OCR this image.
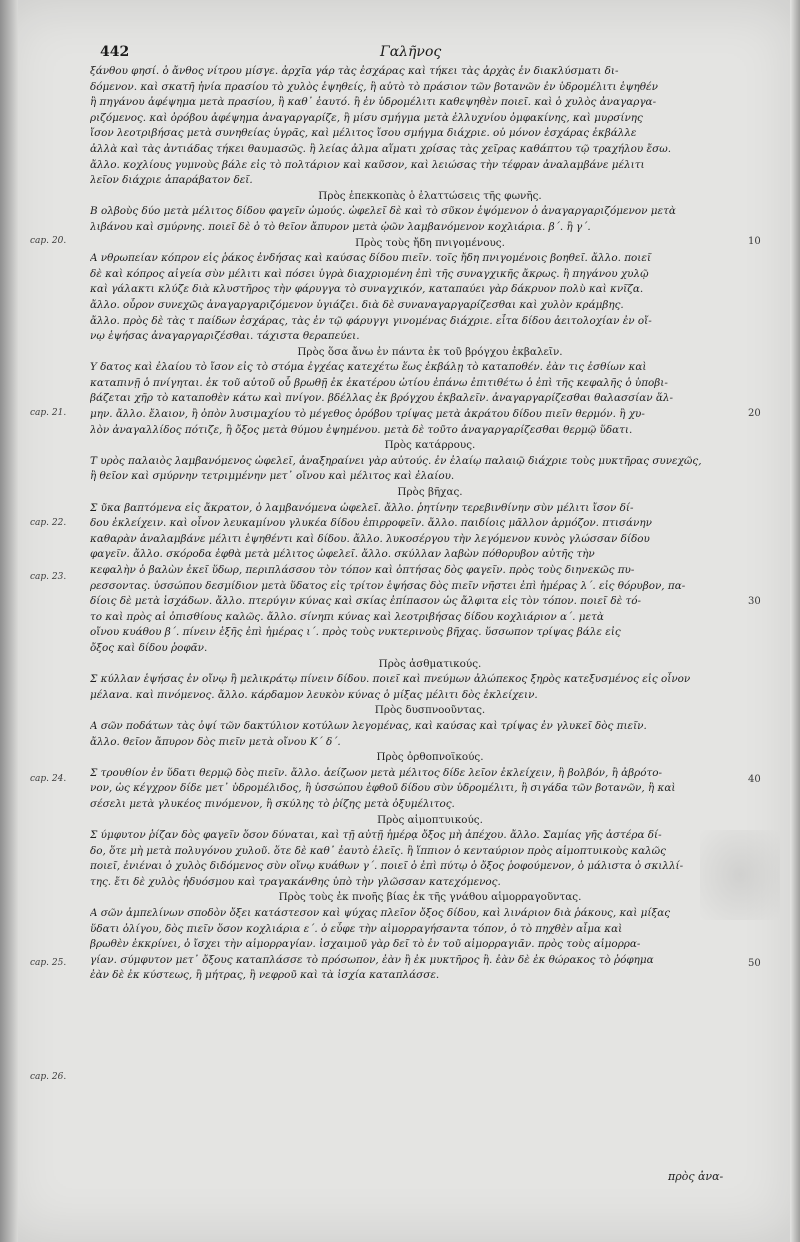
442	Γαλῆνος
ξάνθου φησί. ὁ ἄνθος νίτρου μίσγε. ἀρχῖα γάρ τὰς ἐσχάρας καὶ τήκει τὰς ἀρχὰς ἐν διακλύσματι δι-
δόμενον. καὶ σκατῆ ἠνία πρασίου τὸ χυλὸς ἑψηθείς, ἢ αὐτὸ τὸ πράσιον τῶν βοτανῶν ἐν ὑδρομέλιτι ἑψηθέν
ἢ πηγάνου ἀφέψημα μετὰ πρασίου, ἢ καθ᾽ ἑαυτό. ἢ ἐν ὑδρομέλιτι καθεψηθὲν ποιεῖ. καὶ ὁ χυλὸς ἀναγαργα-
ριζόμενος. καὶ ὀρόβου ἀφέψημα ἀναγαργαρίζε, ἢ μίσυ σμήγμα μετὰ ἐλλυχνίου ὀμφακίνης, καὶ μυρσίνης
ἴσον λεοτριβήσας μετὰ συνηθείας ὑγρᾶς, καὶ μέλιτος ἴσου σμήγμα διάχριε. οὐ μόνον ἐσχάρας ἐκβάλλε
ἀλλὰ καὶ τὰς ἀντιάδας τήκει θαυμασῶς. ἢ λείας ἀλμα αἵματι χρίσας τὰς χεῖρας καθάπτου τῷ τραχήλου ἔσω.
ἄλλο. κοχλίους γυμνοὺς βάλε εἰς τὸ πολτάριον καὶ καῦσον, καὶ λειώσας τὴν τέφραν ἀναλαμβάνε μέλιτι
λεῖον διάχριε ἀπαράβατον δεῖ.
Πρὸς ἐπεκκοπὰς ὁ ἐλαττώσεις τῆς φωνῆς.
Β ολβοὺς δύο μετὰ μέλιτος δίδου φαγεῖν ὠμούς. ὠφελεῖ δὲ καὶ τὸ σῦκον ἑψόμενον ὁ ἀναγαργαριζόμενον μετὰ
λιβάνου καὶ σμύρνης. ποιεῖ δὲ ὁ τὸ θεῖον ἄπυρον μετὰ ᾠῶν λαμβανόμενον κοχλιάρια. β΄. ἢ γ΄.
Πρὸς τοὺς ἤδη πνιγομένους.
Α νθρωπείαν κόπρον εἰς ῥάκος ἐνδήσας καὶ καύσας δίδου πιεῖν. τοῖς ἤδη πνιγομένοις βοηθεῖ. ἄλλο. ποιεῖ
δὲ καὶ κόπρος αἰγεία σὺν μέλιτι καὶ πόσει ὑγρὰ διαχριομένη ἐπὶ τῆς συναγχικῆς ἄκρως. ἢ πηγάνου χυλῷ
καὶ γάλακτι κλύζε διὰ κλυστῆρος τὴν φάρυγγα τὸ συναγχικόν, καταπαύει γὰρ δάκρυον πολὺ καὶ κνῖζα.
ἄλλο. οὖρον συνεχῶς ἀναγαργαριζόμενον ὑγιάζει. διὰ δὲ συναναγαργαρίζεσθαι καὶ χυλὸν κράμβης.
ἄλλο. πρὸς δὲ τὰς τ παίδων ἐσχάρας, τὰς ἐν τῷ φάρυγγι γινομένας διάχριε. εἶτα δίδου ἀειτολοχίαν ἐν οἴ-
νῳ ἑψήσας ἀναγαργαριζέσθαι. τάχιστα θεραπεύει.
Πρὸς ὅσα ἄνω ἐν πάντα ἐκ τοῦ βρόγχου ἐκβαλεῖν.
Υ δατος καὶ ἐλαίου τὸ ἴσον εἰς τὸ στόμα ἐγχέας κατεχέτω ἕως ἐκβάλῃ τὸ καταποθέν. ἐὰν τις ἐσθίων καὶ
καταπινῇ ὁ πνίγηται. ἐκ τοῦ αὐτοῦ οὗ βρωθῇ ἐκ ἑκατέρου ὠτίου ἐπάνω ἐπιτιθέτω ὁ ἐπὶ τῆς κεφαλῆς ὁ ὑποβι-
βάζεται χῆρ τὸ καταποθὲν κάτω καὶ πνίγον. βδέλλας ἐκ βρόγχου ἐκβαλεῖν. ἀναγαργαρίζεσθαι θαλασσίαν ἅλ-
μην. ἄλλο. ἔλαιον, ἢ ὀπὸν λυσιμαχίου τὸ μέγεθος ὀρόβου τρίψας μετὰ ἀκράτου δίδου πιεῖν θερμόν. ἢ χυ-
λὸν ἀναγαλλίδος πότιζε, ἢ ὄξος μετὰ θύμου ἑψημένου. μετὰ δὲ τοῦτο ἀναγαργαρίζεσθαι θερμῷ ὕδατι.
Πρὸς κατάρρους.
Τ υρὸς παλαιὸς λαμβανόμενος ὠφελεῖ, ἀναξηραίνει γὰρ αὐτούς. ἐν ἐλαίῳ παλαιῷ διάχριε τοὺς μυκτῆρας συνεχῶς,
ἢ θεῖον καὶ σμύρνην τετριμμένην μετ᾽ οἴνου καὶ μέλιτος καὶ ἐλαίου.
Πρὸς βῆχας.
Σ ῦκα βαπτόμενα εἰς ἄκρατον, ὁ λαμβανόμενα ὠφελεῖ. ἄλλο. ῥητίνην τερεβινθίνην σὺν μέλιτι ἴσον δί-
δου ἐκλείχειν. καὶ οἶνον λευκαμίνου γλυκέα δίδου ἐπιρροφεῖν. ἄλλο. παιδίοις μᾶλλον ἁρμόζον. πτισάνην
καθαρὰν ἀναλαμβάνε μέλιτι ἑψηθέντι καὶ δίδου. ἄλλο. λυκοσέργου τὴν λεγόμενον κυνὸς γλώσσαν δίδου
φαγεῖν. ἄλλο. σκόροδα ἑφθὰ μετὰ μέλιτος ὠφελεῖ. ἄλλο. σκύλλαν λαβὼν πόθορυβον αὐτῆς τὴν
κεφαλὴν ὁ βαλὼν ἐκεῖ ὕδωρ, περιπλάσσου τὸν τόπον καὶ ὀπτήσας δὸς φαγεῖν. πρὸς τοὺς διηνεκῶς πυ-
ρεσσοντας. ὑσσώπου δεσμίδιον μετὰ ὕδατος εἰς τρίτον ἑψήσας δὸς πιεῖν νῆστει ἐπὶ ἡμέρας λ΄. εἰς θόρυβον, πα-
δίοις δὲ μετὰ ἰσχάδων. ἄλλο. πτερύγιν κύνας καὶ σκίας ἐπίπασον ὡς ἄλφιτα εἰς τὸν τόπον. ποιεῖ δὲ τό-
το καὶ πρὸς αἱ ὀπισθίους καλῶς. ἄλλο. σίνηπι κύνας καὶ λεοτριβήσας δίδου κοχλιάριον α΄. μετὰ
οἴνου κυάθου β΄. πίνειν ἑξῆς ἐπὶ ἡμέρας ι΄. πρὸς τοὺς νυκτερινοὺς βῆχας. ὕσσωπον τρίψας βάλε εἰς
ὄξος καὶ δίδου ῥοφᾶν.
Πρὸς ἀσθματικούς.
Σ κύλλαν ἑψήσας ἐν οἴνῳ ἢ μελικράτῳ πίνειν δίδου. ποιεῖ καὶ πνεύμων ἀλώπεκος ξηρὸς κατεξυσμένος εἰς οἶνον
μέλανα. καὶ πινόμενος. ἄλλο. κάρδαμον λευκὸν κύνας ὁ μίξας μέλιτι δὸς ἐκλείχειν.
Πρὸς δυσπνοοῦντας.
Α σῶν ποδάτων τὰς ὀψί τῶν δακτύλιον κοτύλων λεγομένας, καὶ καύσας καὶ τρίψας ἐν γλυκεῖ δὸς πιεῖν.
ἄλλο. θεῖον ἄπυρον δὸς πιεῖν μετὰ οἴνου Κ΄ δ΄.
Πρὸς ὀρθοπνοϊκούς.
Σ τρουθίον ἐν ὕδατι θερμῷ δὸς πιεῖν. ἄλλο. ἀείζωον μετὰ μέλιτος δίδε λεῖον ἐκλείχειν, ἢ βολβόν, ἢ ἀβρότο-
νον, ὡς κέγχρον δίδε μετ᾽ ὑδρομέλιδος, ἢ ὑσσώπου ἑφθοῦ δίδου σὺν ὑδρομέλιτι, ἢ σιγάδα τῶν βοτανῶν, ἢ καὶ
σέσελι μετὰ γλυκέος πινόμενον, ἢ σκύλης τὸ ῥίζης μετὰ ὀξυμέλιτος.
Πρὸς αἱμοπτυικούς.
Σ ύμφυτον ῥίζαν δὸς φαγεῖν ὅσον δύναται, καὶ τῇ αὐτῇ ἡμέρᾳ ὄξος μὴ ἀπέχου. ἄλλο. Σαμίας γῆς ἀστέρα δί-
δο, ὅτε μὴ μετὰ πολυγόνου χυλοῦ. ὅτε δὲ καθ᾽ ἑαυτὸ ἐλεῖς. ἢ ἵππιον ὁ κενταύριον πρὸς αἱμοπτυικοὺς καλῶς
ποιεῖ, ἐνιέναι ὁ χυλὸς διδόμενος σὺν οἴνῳ κυάθων γ΄. ποιεῖ ὁ ἐπὶ πύτῳ ὁ ὄξος ῥοφούμενον, ὁ μάλιστα ὁ σκιλλί-
της. ἔτι δὲ χυλὸς ἡδυόσμου καὶ τραγακάνθης ὑπὸ τὴν γλῶσσαν κατεχόμενος.
Πρὸς τοὺς ἐκ πνοῆς βίας ἐκ τῆς γνάθου αἱμορραγοῦντας.
Α σῶν ἀμπελίνων σποδὸν ὄξει κατάστεσον καὶ ψύχας πλεῖον ὄξος δίδου, καὶ λινάριον διὰ ῥάκους, καὶ μίξας
ὕδατι ὀλίγου, δὸς πιεῖν ὅσον κοχλιάρια ε΄. ὁ εὖφε τὴν αἱμορραγήσαντα τόπον, ὁ τὸ πηχθὲν αἷμα καὶ
βρωθὲν ἐκκρίνει, ὁ ἴσχει τὴν αἱμορραγίαν. ἰσχαιμοῦ γὰρ δεῖ τὸ ἐν τοῦ αἱμορραγιᾶν. πρὸς τοὺς αἱμορρα-
γίαν. σύμφυτον μετ᾽ ὄξους καταπλάσσε τὸ πρόσωπον, ἐὰν ἢ ἐκ μυκτῆρος ἢ. ἐὰν δὲ ἐκ θώρακος τὸ ῥόφημα
ἐὰν δὲ ἐκ κύστεως, ἢ μήτρας, ἢ νεφροῦ καὶ τὰ ἰσχία καταπλάσσε.
cap. 20.
cap. 21.
cap. 22.
cap. 23.
cap. 24.
cap. 25.
cap. 26.
10
20
30
40
50
πρὸς ἀνα-
